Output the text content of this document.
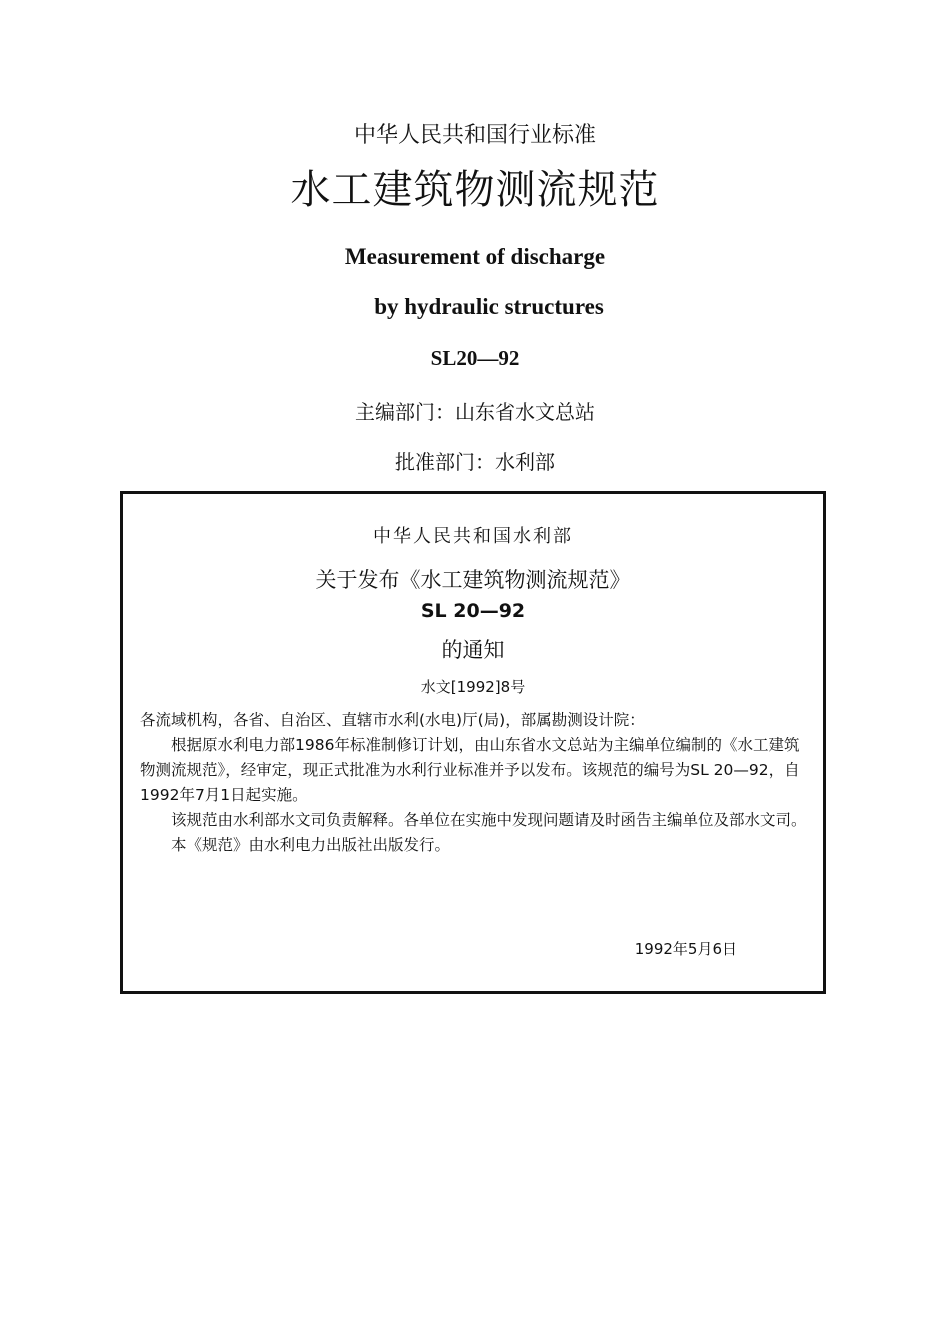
中华人民共和国行业标准
水工建筑物测流规范
Measurement of discharge
by hydraulic structures
SL20—92
主编部门：山东省水文总站
批准部门：水利部
中华人民共和国水利部
关于发布《水工建筑物测流规范》
SL 20—92
的通知
水文[1992]8号

各流域机构，各省、自治区、直辖市水利(水电)厅(局)，部属勘测设计院：

根据原水利电力部1986年标准制修订计划，由山东省水文总站为主编单位编制的《水工建筑物测流规范》，经审定，现正式批准为水利行业标准并予以发布。该规范的编号为SL 20—92，自1992年7月1日起实施。

该规范由水利部水文司负责解释。各单位在实施中发现问题请及时函告主编单位及部水文司。

本《规范》由水利电力出版社出版发行。

1992年5月6日
